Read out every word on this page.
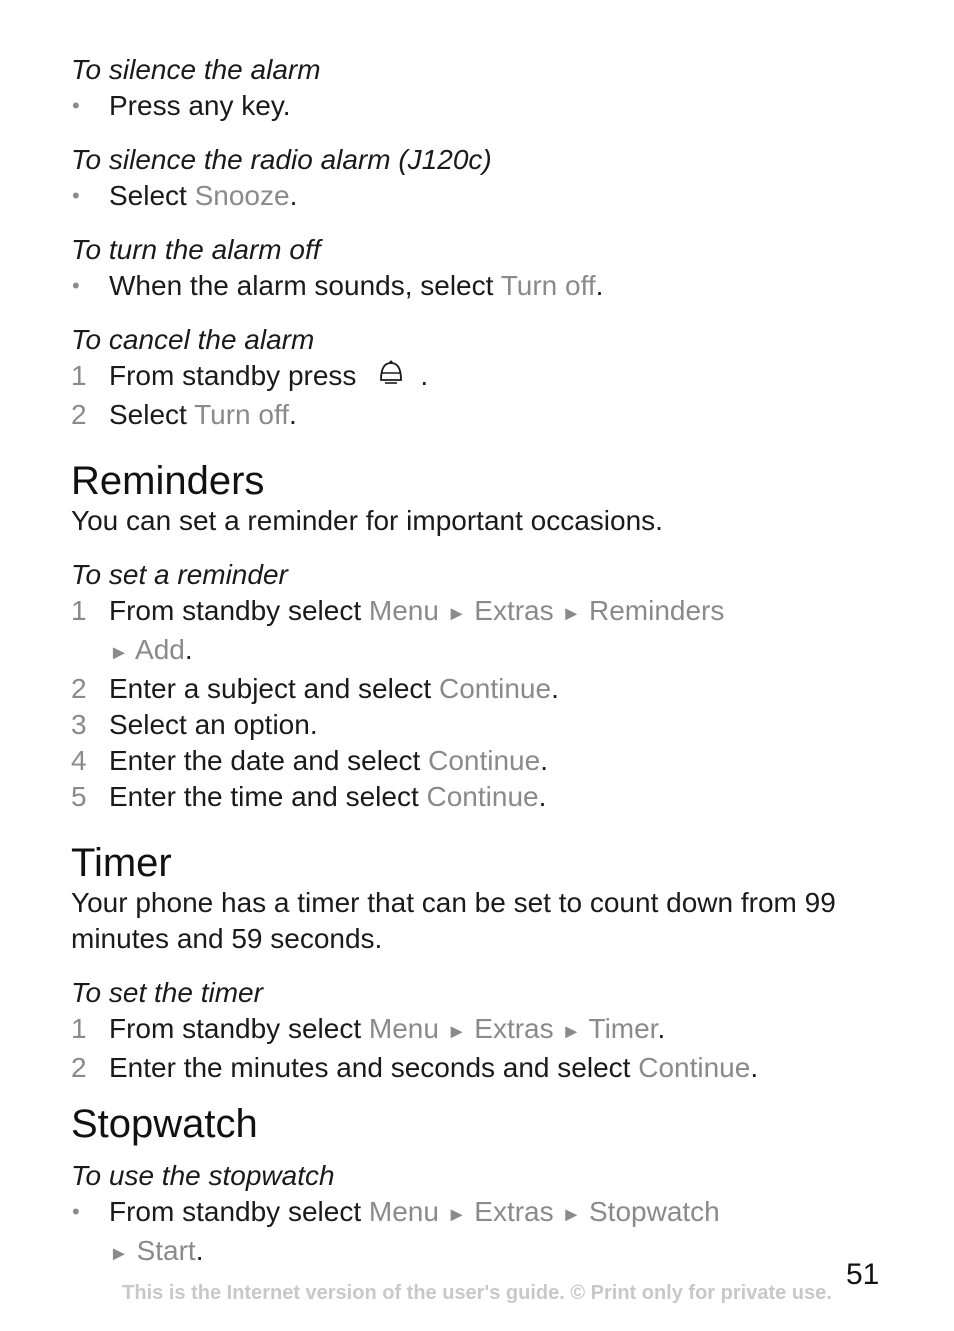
To silence the alarm
• Press any key.
To silence the radio alarm (J120c)
• Select Snooze.
To turn the alarm off
• When the alarm sounds, select Turn off.
To cancel the alarm
1 From standby press .
2 Select Turn off.
Reminders

You can set a reminder for important occasions.

To set a reminder
1 From standby select Menu ► Extras ► Reminders
► Add.
2 Enter a subject and select Continue.
3 Select an option.
4 Enter the date and select Continue.
5 Enter the time and select Continue.
Timer

Your phone has a timer that can be set to count down from 99 minutes and 59 seconds.

To set the timer
1 From standby select Menu ► Extras ► Timer.
2 Enter the minutes and seconds and select Continue.
Stopwatch
To use the stopwatch
• From standby select Menu ► Extras ► Stopwatch
► Start.
51
This is the Internet version of the user's guide. © Print only for private use.
